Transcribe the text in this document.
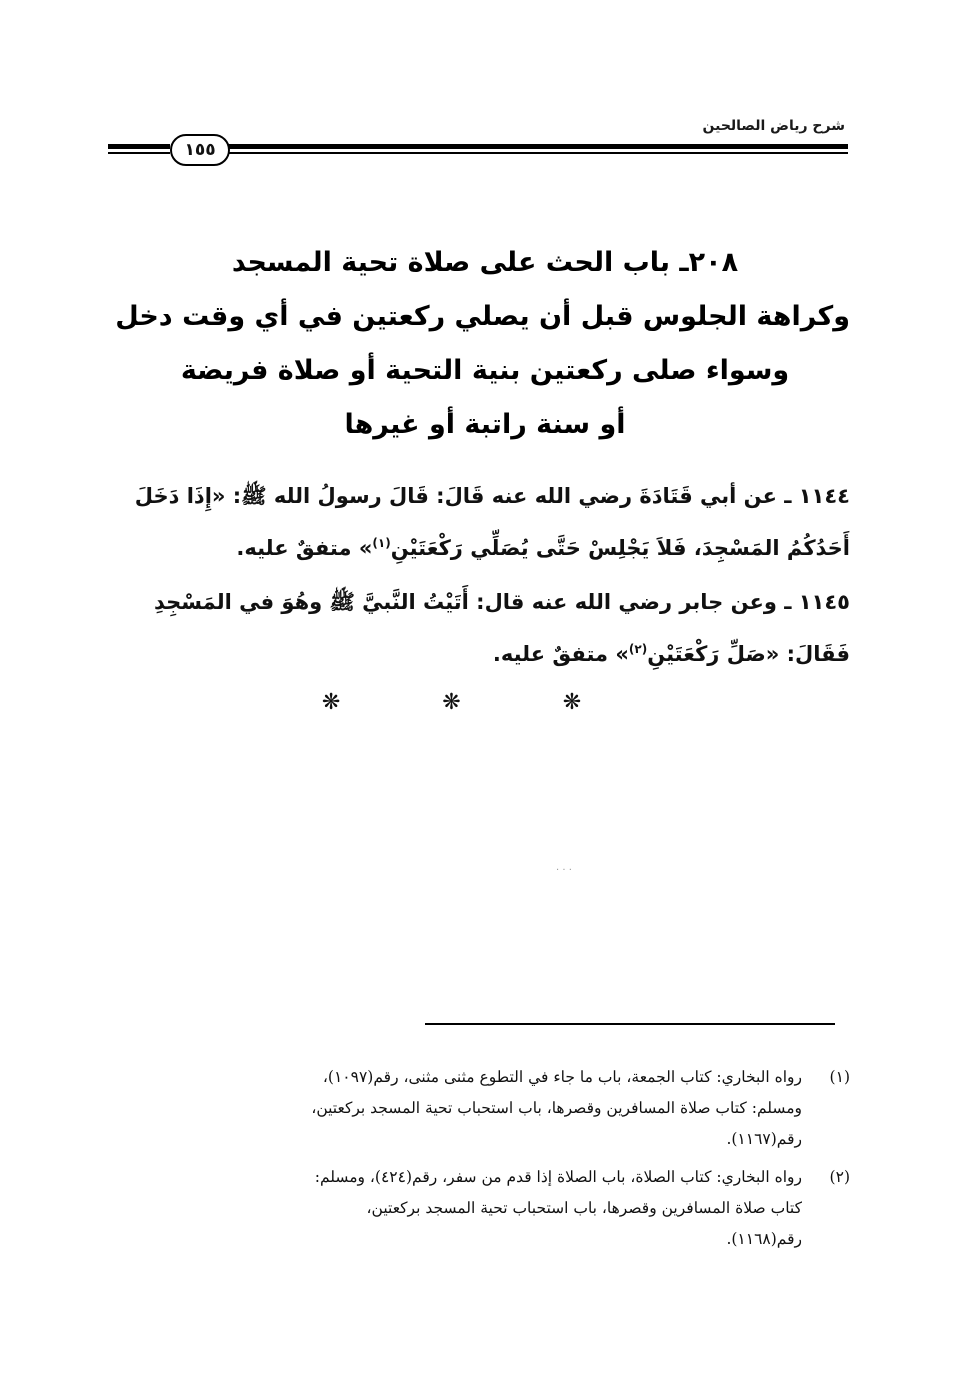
شرح رياض الصالحين
١٥٥
٢٠٨ـ باب الحث على صلاة تحية المسجد
وكراهة الجلوس قبل أن يصلي ركعتين في أي وقت دخل
وسواء صلى ركعتين بنية التحية أو صلاة فريضة
أو سنة راتبة أو غيرها
١١٤٤ ـ عن أبي قَتَادَةَ رضي الله عنه قَالَ: قَالَ رسولُ الله ﷺ: «إِذَا دَخَلَ
أَحَدُكُمُ المَسْجِدَ، فَلاَ يَجْلِسْ حَتَّى يُصَلِّي رَكْعَتَيْنِ$^{(١)}$» متفقٌ عليه.
١١٤٥ ـ وعن جابر رضي الله عنه قال: أَتَيْتُ النَّبيَّ ﷺ وهُوَ في المَسْجِدِ
فَقَالَ: «صَلِّ رَكْعَتَيْنِ$^{(٢)}$» متفقٌ عليه.
❋ ❋ ❋
. . .
(١)
رواه البخاري: كتاب الجمعة، باب ما جاء في التطوع مثنى مثنى، رقم(١٠٩٧)،
ومسلم: كتاب صلاة المسافرين وقصرها، باب استحباب تحية المسجد بركعتين،
رقم(١١٦٧).
(٢)
رواه البخاري: كتاب الصلاة، باب الصلاة إذا قدم من سفر، رقم(٤٢٤)، ومسلم:
كتاب صلاة المسافرين وقصرها، باب استحباب تحية المسجد بركعتين،
رقم(١١٦٨).
